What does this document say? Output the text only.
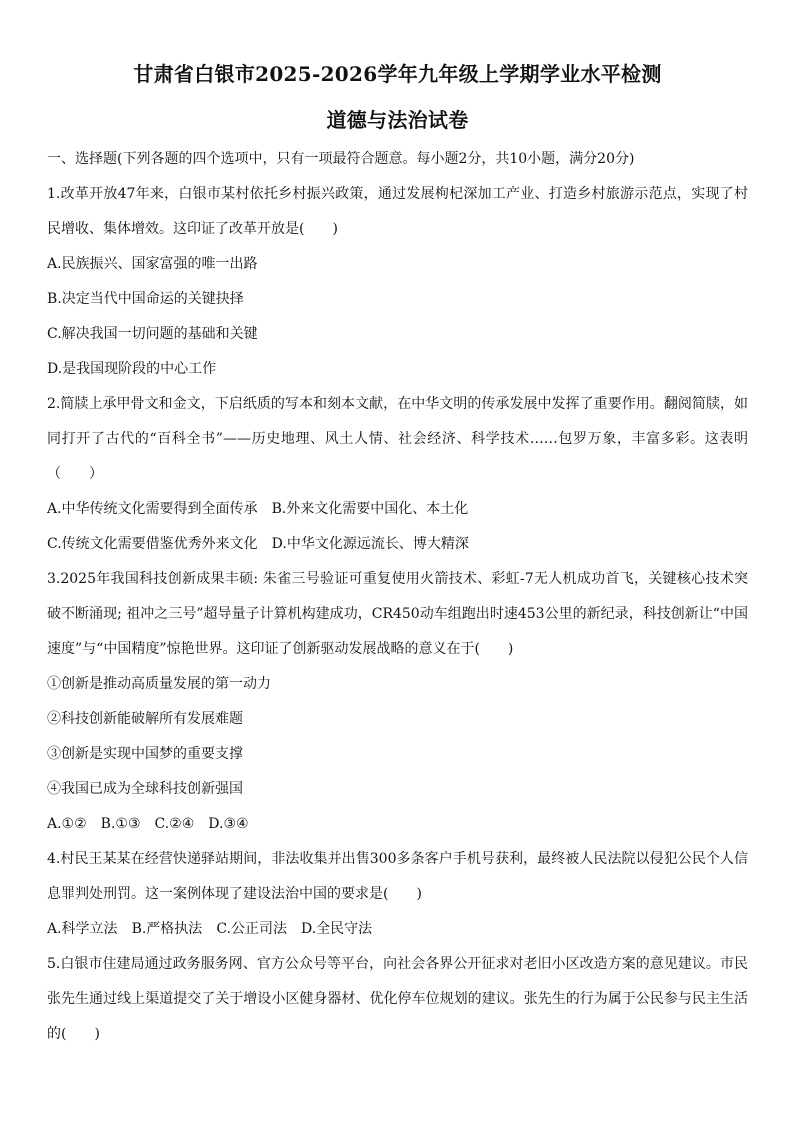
甘肃省白银市2025-2026学年九年级上学期学业水平检测
道德与法治试卷

一、选择题(下列各题的四个选项中，只有一项最符合题意。每小题2分，共10小题，满分20分)

1.改革开放47年来，白银市某村依托乡村振兴政策，通过发展枸杞深加工产业、打造乡村旅游示范点，实现了村民增收、集体增效。这印证了改革开放是(　　)

A.民族振兴、国家富强的唯一出路

B.决定当代中国命运的关键抉择

C.解决我国一切问题的基础和关键

D.是我国现阶段的中心工作

2.简牍上承甲骨文和金文，下启纸质的写本和刻本文献，在中华文明的传承发展中发挥了重要作用。翻阅简牍，如同打开了古代的“百科全书”——历史地理、风土人情、社会经济、科学技术……包罗万象，丰富多彩。这表明（　　）

A.中华传统文化需要得到全面传承 B.外来文化需要中国化、本土化
C.传统文化需要借鉴优秀外来文化 D.中华文化源远流长、博大精深

3.2025年我国科技创新成果丰硕: 朱雀三号验证可重复使用火箭技术、彩虹-7无人机成功首飞，关键核心技术突破不断涌现; 祖冲之三号”超导量子计算机构建成功，CR450动车组跑出时速453公里的新纪录，科技创新让“中国速度”与“中国精度”惊艳世界。这印证了创新驱动发展战略的意义在于(　　)

①创新是推动高质量发展的第一动力

②科技创新能破解所有发展难题

③创新是实现中国梦的重要支撑

④我国已成为全球科技创新强国

A.①② B.①③ C.②④ D.③④

4.村民王某某在经营快递驿站期间，非法收集并出售300多条客户手机号获利，最终被人民法院以侵犯公民个人信息罪判处刑罚。这一案例体现了建设法治中国的要求是(　　)

A.科学立法 B.严格执法 C.公正司法 D.全民守法

5.白银市住建局通过政务服务网、官方公众号等平台，向社会各界公开征求对老旧小区改造方案的意见建议。市民张先生通过线上渠道提交了关于增设小区健身器材、优化停车位规划的建议。张先生的行为属于公民参与民主生活的(　　)
